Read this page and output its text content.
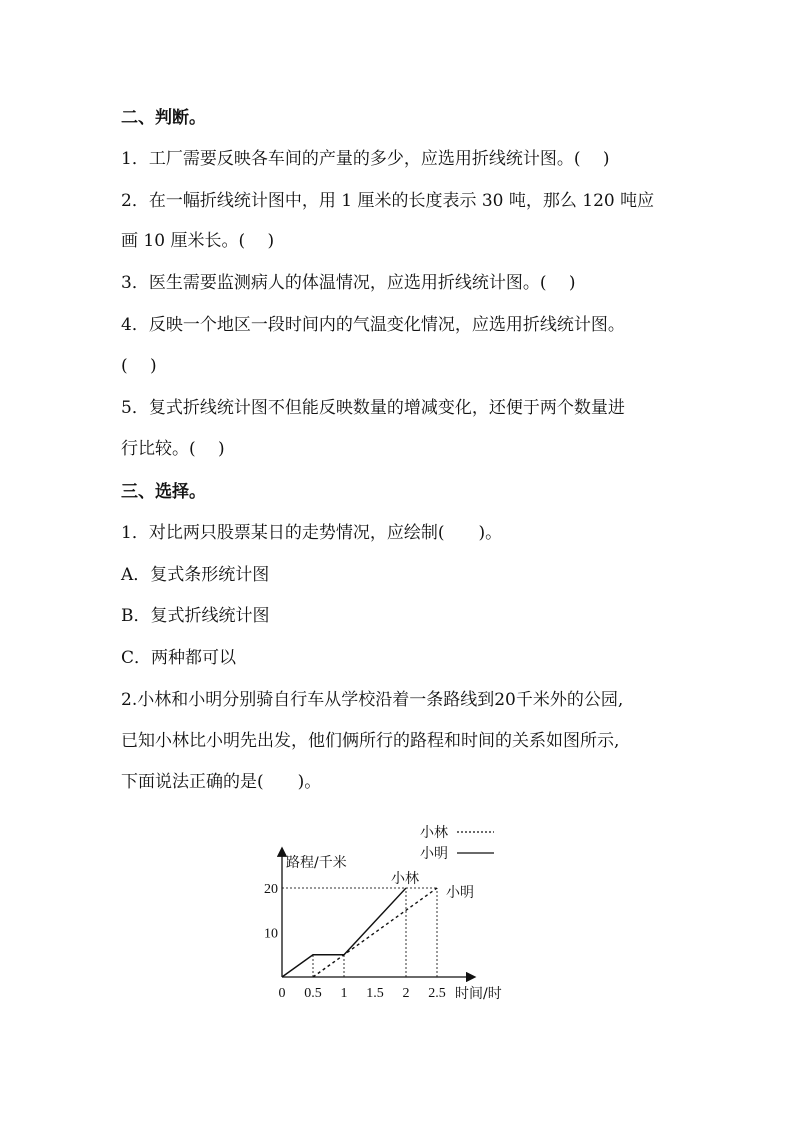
二、判断。
1．工厂需要反映各车间的产量的多少，应选用折线统计图。(　 )
2．在一幅折线统计图中，用 1 厘米的长度表示 30 吨，那么 120 吨应
画 10 厘米长。(　 )
3．医生需要监测病人的体温情况，应选用折线统计图。(　 )
4．反映一个地区一段时间内的气温变化情况，应选用折线统计图。
(　 )
5．复式折线统计图不但能反映数量的增减变化，还便于两个数量进
行比较。(　 )
三、选择。
1．对比两只股票某日的走势情况，应绘制(　　)。
A．复式条形统计图
B．复式折线统计图
C．两种都可以
2.小林和小明分别骑自行车从学校沿着一条路线到20千米外的公园,
已知小林比小明先出发，他们俩所行的路程和时间的关系如图所示,
下面说法正确的是(　　)。
0 0.5 1 1.5 2 2.5
10
20
小林
小明
路程/千米
时间/时
小林
小明
